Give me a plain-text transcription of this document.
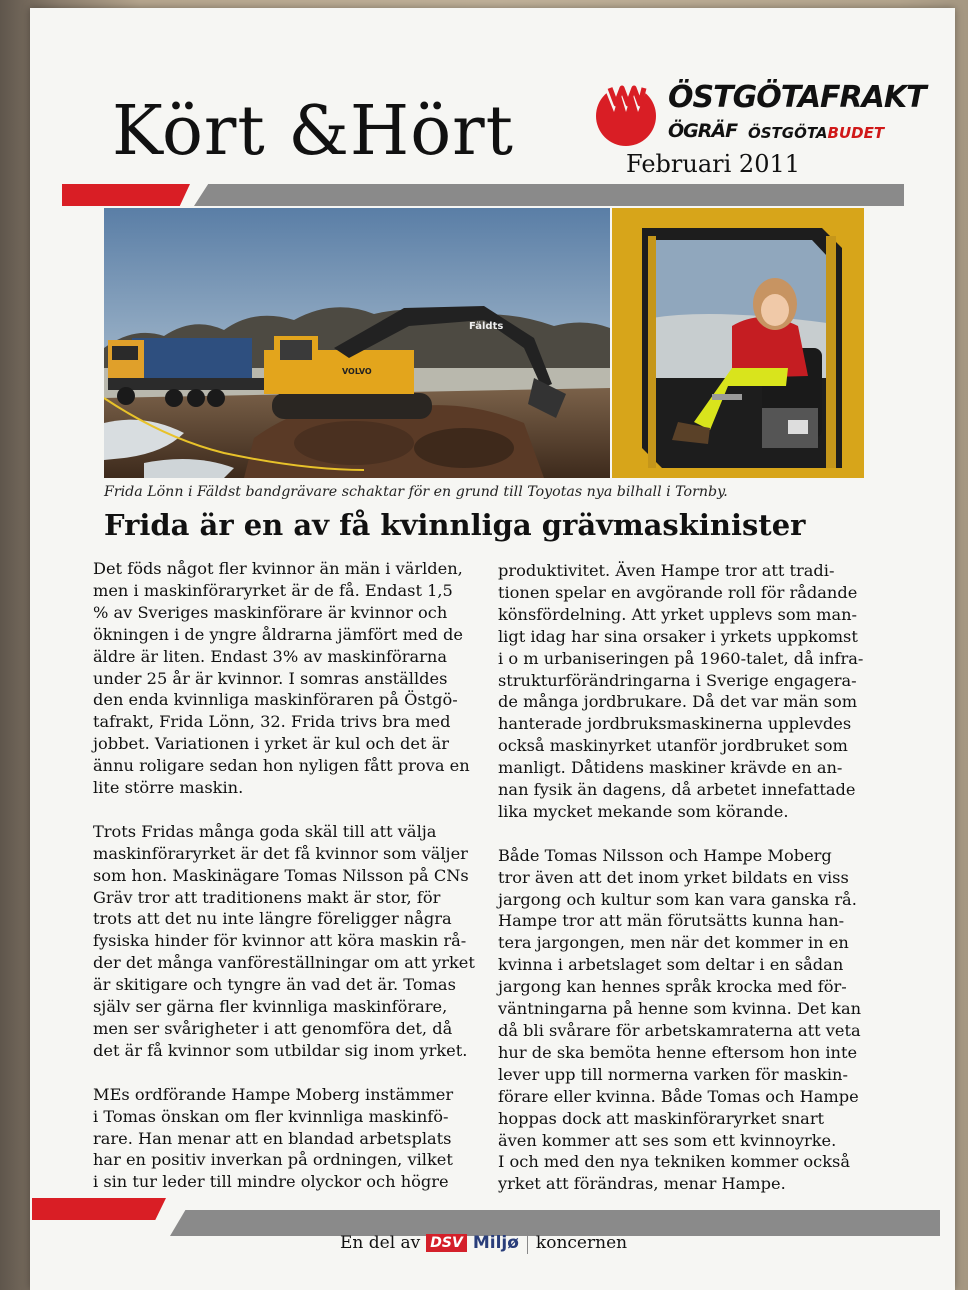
Kört &Hört	ÖSTGÖTAFRAKT
ÖGRÄF ÖSTGÖTABUDET
Februari 2011
VOLVO
Fäldts
Frida Lönn i Fäldst bandgrävare schaktar för en grund till Toyotas nya bilhall i Tornby.
Frida är en av få kvinnliga grävmaskinister

Det föds något fler kvinnor än män i världen,
men i maskinföraryrket är de få. Endast 1,5
% av Sveriges maskinförare är kvinnor och
ökningen i de yngre åldrarna jämfört med de
äldre är liten. Endast 3% av maskinförarna
under 25 år är kvinnor. I somras anställdes
den enda kvinnliga maskinföraren på Östgö-
tafrakt, Frida Lönn, 32. Frida trivs bra med
jobbet. Variationen i yrket är kul och det är
ännu roligare sedan hon nyligen fått prova en
lite större maskin.

Trots Fridas många goda skäl till att välja
maskinföraryrket är det få kvinnor som väljer
som hon. Maskinägare Tomas Nilsson på CNs
Gräv tror att traditionens makt är stor, för
trots att det nu inte längre föreligger några
fysiska hinder för kvinnor att köra maskin rå-
der det många vanföreställningar om att yrket
är skitigare och tyngre än vad det är. Tomas
själv ser gärna fler kvinnliga maskinförare,
men ser svårigheter i att genomföra det, då
det är få kvinnor som utbildar sig inom yrket.

MEs ordförande Hampe Moberg instämmer
i Tomas önskan om fler kvinnliga maskinfö-
rare. Han menar att en blandad arbetsplats
har en positiv inverkan på ordningen, vilket
i sin tur leder till mindre olyckor och högre

produktivitet. Även Hampe tror att tradi-
tionen spelar en avgörande roll för rådande
könsfördelning. Att yrket upplevs som man-
ligt idag har sina orsaker i yrkets uppkomst
i o m urbaniseringen på 1960-talet, då infra-
strukturförändringarna i Sverige engagera-
de många jordbrukare. Då det var män som
hanterade jordbruksmaskinerna upplevdes
också maskinyrket utanför jordbruket som
manligt. Dåtidens maskiner krävde en an-
nan fysik än dagens, då arbetet innefattade
lika mycket mekande som körande.

Både Tomas Nilsson och Hampe Moberg
tror även att det inom yrket bildats en viss
jargong och kultur som kan vara ganska rå.
Hampe tror att män förutsätts kunna han-
tera jargongen, men när det kommer in en
kvinna i arbetslaget som deltar i en sådan
jargong kan hennes språk krocka med för-
väntningarna på henne som kvinna. Det kan
då bli svårare för arbetskamraterna att veta
hur de ska bemöta henne eftersom hon inte
lever upp till normerna varken för maskin-
förare eller kvinna. Både Tomas och Hampe
hoppas dock att maskinföraryrket snart
även kommer att ses som ett kvinnoyrke.
I och med den nya tekniken kommer också
yrket att förändras, menar Hampe.

En del av DSV Miljø koncernen
